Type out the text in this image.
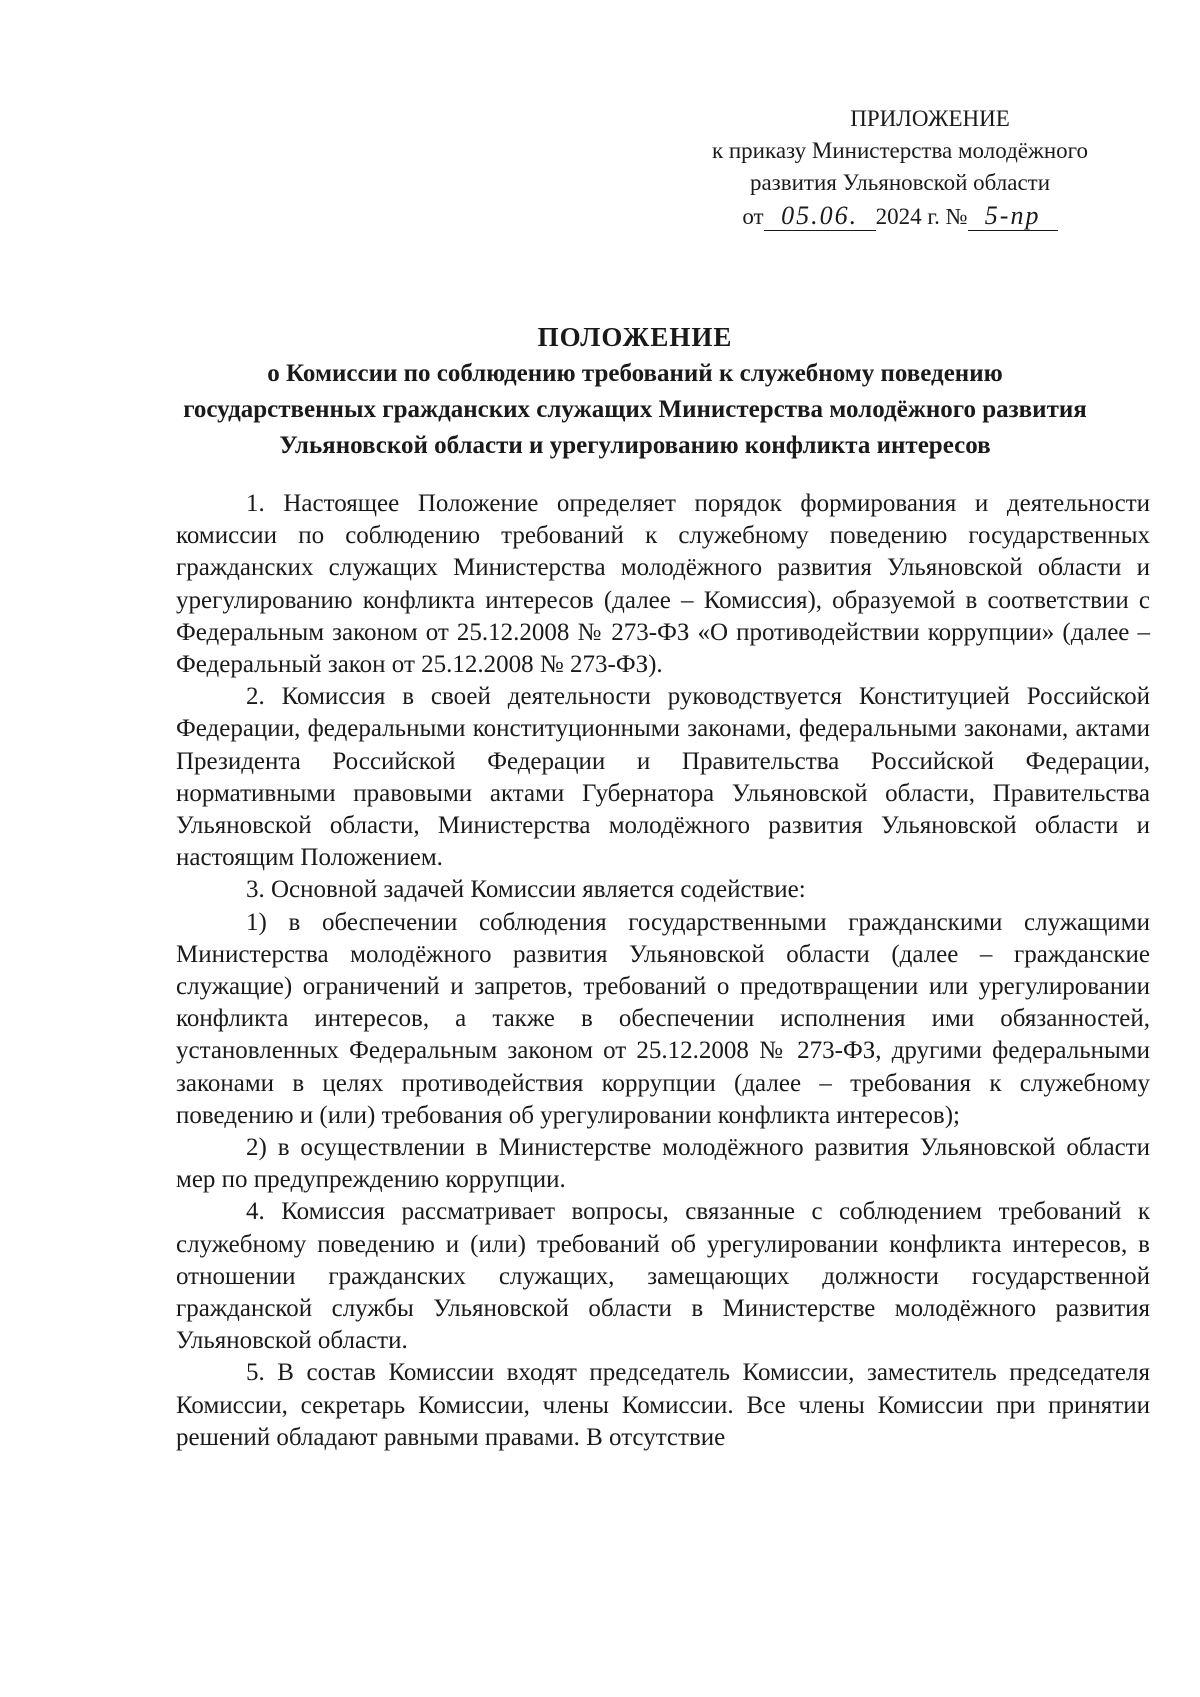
ПРИЛОЖЕНИЕ
к приказу Министерства молодёжного
развития Ульяновской области
от 05.06. 2024 г. № 5-пр
ПОЛОЖЕНИЕ
о Комиссии по соблюдению требований к служебному поведению государственных гражданских служащих Министерства молодёжного развития Ульяновской области и урегулированию конфликта интересов

1. Настоящее Положение определяет порядок формирования и деятельности комиссии по соблюдению требований к служебному поведению государственных гражданских служащих Министерства молодёжного развития Ульяновской области и урегулированию конфликта интересов (далее – Комиссия), образуемой в соответствии с Федеральным законом от 25.12.2008 № 273-ФЗ «О противодействии коррупции» (далее – Федеральный закон от 25.12.2008 № 273-ФЗ).

2. Комиссия в своей деятельности руководствуется Конституцией Российской Федерации, федеральными конституционными законами, федеральными законами, актами Президента Российской Федерации и Правительства Российской Федерации, нормативными правовыми актами Губернатора Ульяновской области, Правительства Ульяновской области, Министерства молодёжного развития Ульяновской области и настоящим Положением.

3. Основной задачей Комиссии является содействие:

1) в обеспечении соблюдения государственными гражданскими служащими Министерства молодёжного развития Ульяновской области (далее – гражданские служащие) ограничений и запретов, требований о предотвращении или урегулировании конфликта интересов, а также в обеспечении исполнения ими обязанностей, установленных Федеральным законом от 25.12.2008 № 273-ФЗ, другими федеральными законами в целях противодействия коррупции (далее – требования к служебному поведению и (или) требования об урегулировании конфликта интересов);

2) в осуществлении в Министерстве молодёжного развития Ульяновской области мер по предупреждению коррупции.

4. Комиссия рассматривает вопросы, связанные с соблюдением требований к служебному поведению и (или) требований об урегулировании конфликта интересов, в отношении гражданских служащих, замещающих должности государственной гражданской службы Ульяновской области в Министерстве молодёжного развития Ульяновской области.

5. В состав Комиссии входят председатель Комиссии, заместитель председателя Комиссии, секретарь Комиссии, члены Комиссии. Все члены Комиссии при принятии решений обладают равными правами. В отсутствие
